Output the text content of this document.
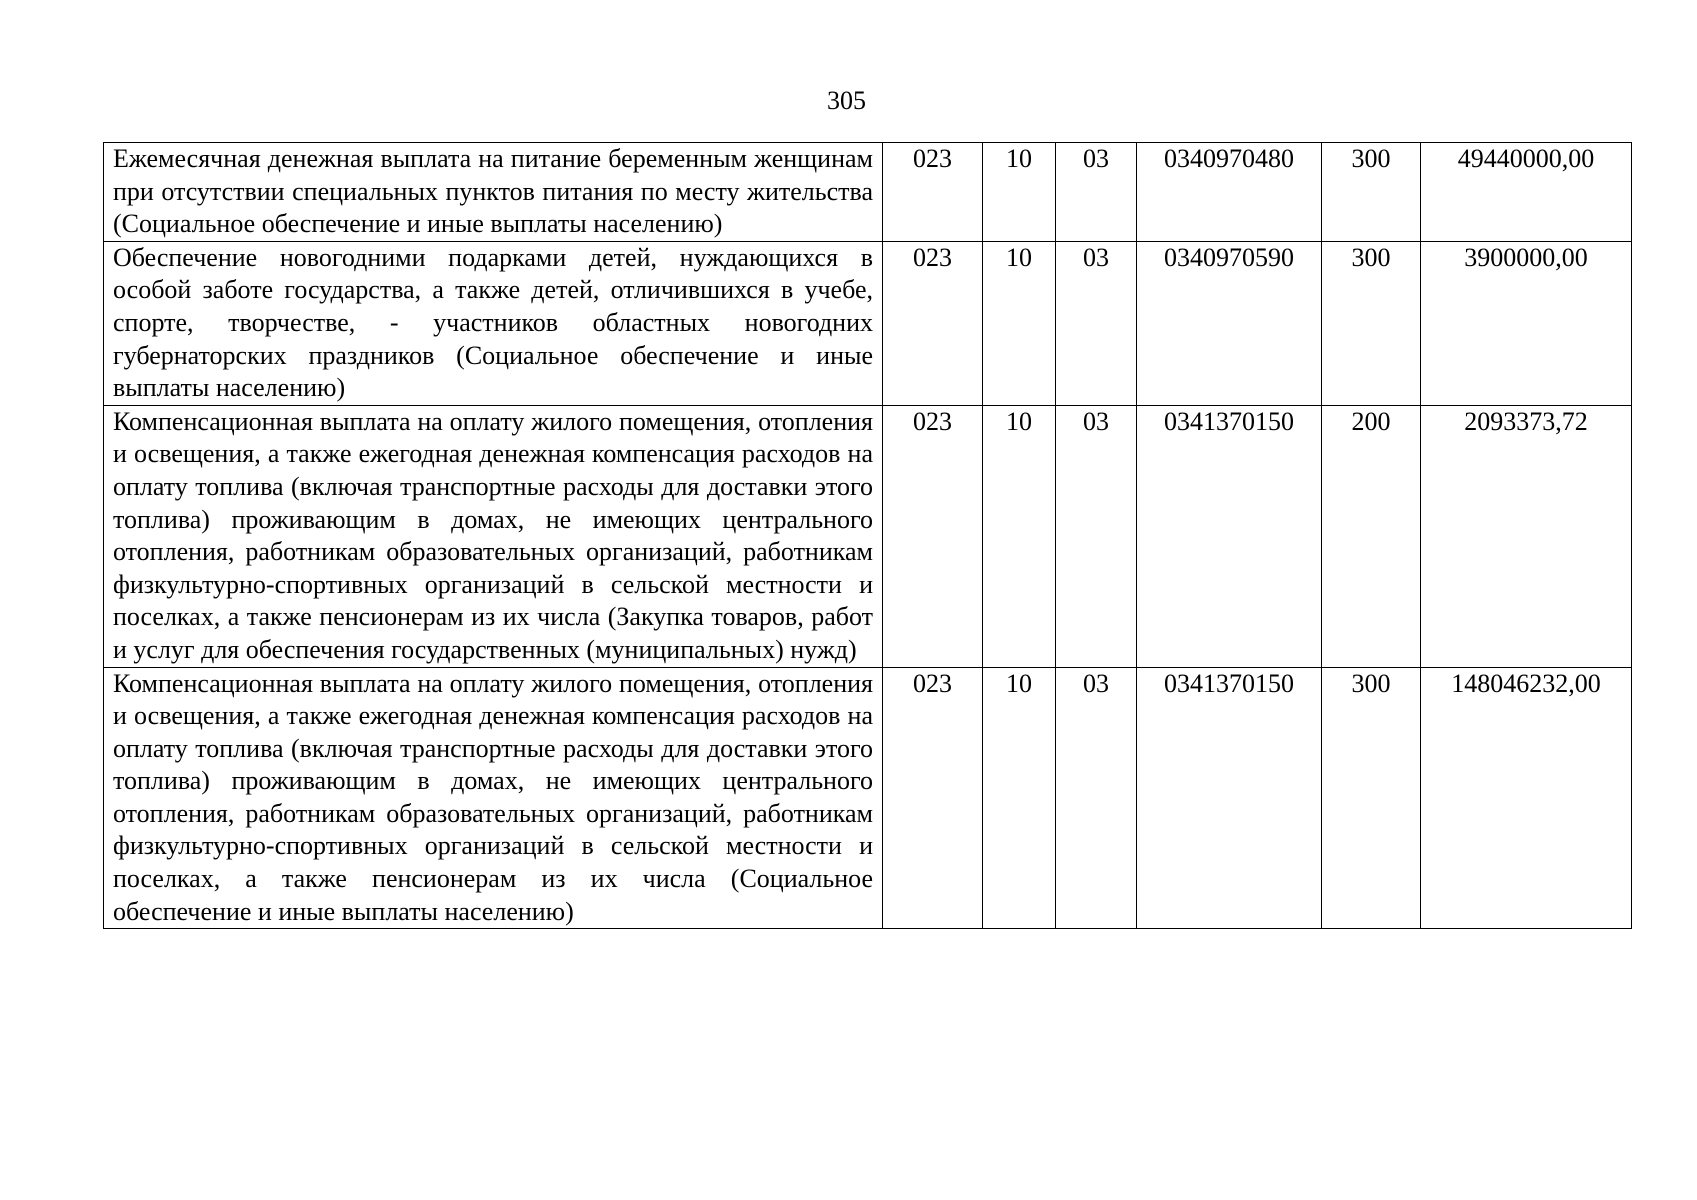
305
Ежемесячная денежная выплата на питание беременным женщинам при отсутствии специальных пунктов питания по месту жительства (Социальное обеспечение и иные выплаты населению)	023	10	03	0340970480	300	49440000,00
Обеспечение новогодними подарками детей, нуждающихся в особой заботе государства, а также детей, отличившихся в учебе, спорте, творчестве, - участников областных новогодних губернаторских праздников (Социальное обеспечение и иные выплаты населению)	023	10	03	0340970590	300	3900000,00
Компенсационная выплата на оплату жилого помещения, отопления и освещения, а также ежегодная денежная компенсация расходов на оплату топлива (включая транспортные расходы для доставки этого топлива) проживающим в домах, не имеющих центрального отопления, работникам образовательных организаций, работникам физкультурно-спортивных организаций в сельской местности и поселках, а также пенсионерам из их числа (Закупка товаров, работ и услуг для обеспечения государственных (муниципальных) нужд)	023	10	03	0341370150	200	2093373,72
Компенсационная выплата на оплату жилого помещения, отопления и освещения, а также ежегодная денежная компенсация расходов на оплату топлива (включая транспортные расходы для доставки этого топлива) проживающим в домах, не имеющих центрального отопления, работникам образовательных организаций, работникам физкультурно-спортивных организаций в сельской местности и поселках, а также пенсионерам из их числа (Социальное обеспечение и иные выплаты населению)	023	10	03	0341370150	300	148046232,00
